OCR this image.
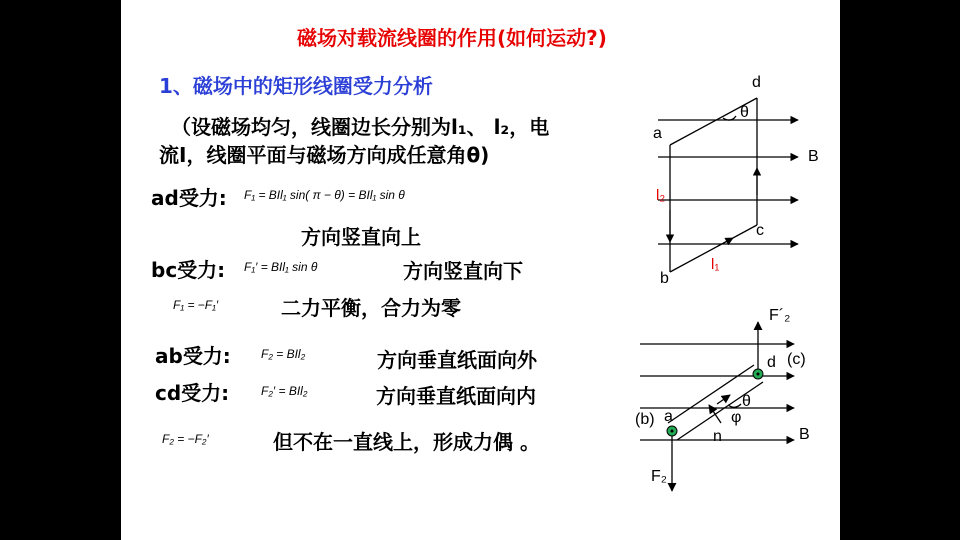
磁场对载流线圈的作用(如何运动?)
1、磁场中的矩形线圈受力分析
（设磁场均匀，线圈边长分别为l₁、 l₂，电
流I，线圈平面与磁场方向成任意角θ)
ad受力: F₁ = BIl₁ sin( π − θ) = BIl₁ sin θ
方向竖直向上
bc受力: F₁′ = BIl₁ sin θ	方向竖直向下
F₁ = −F₁′	二力平衡，合力为零
ab受力:	F₂ = BIl₂	方向垂直纸面向外
cd受力:	F₂′ = BIl₂	方向垂直纸面向内
F₂ = −F₂′	但不在一直线上，形成力偶 。
d
θ
a
B
l₂
c
l₁
b
F´₂
d (c)
θ
(b) a	φ
n	B
F₂
